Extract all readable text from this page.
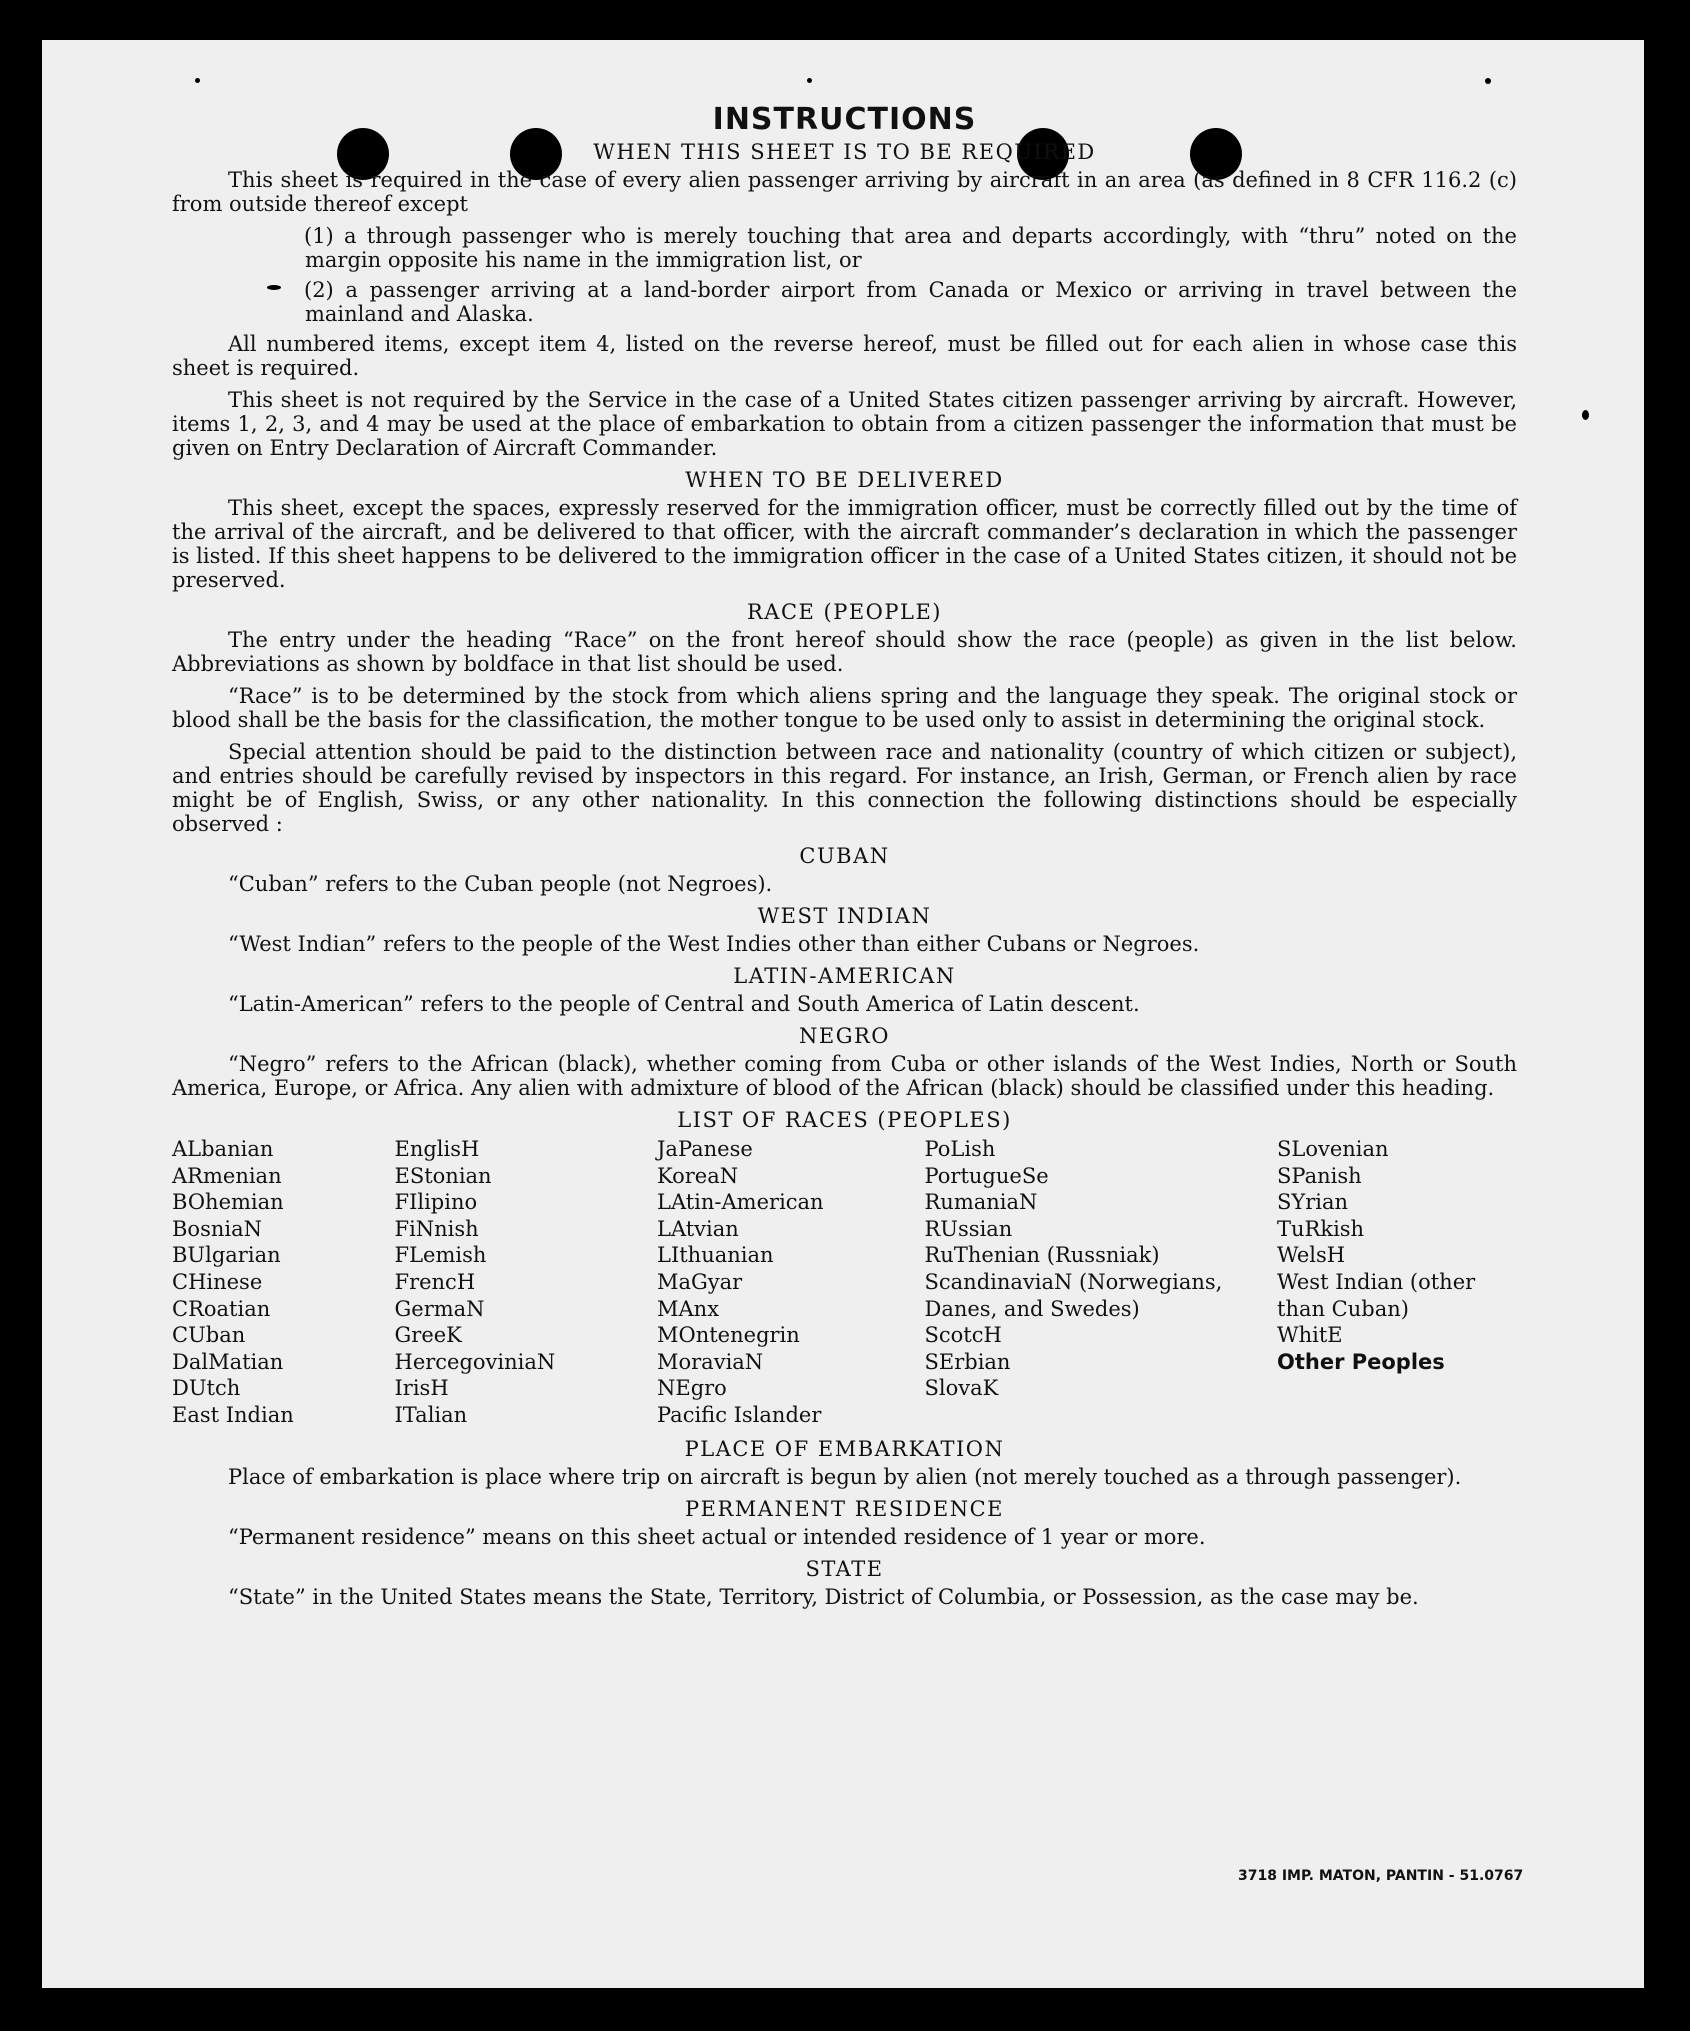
INSTRUCTIONS
WHEN THIS SHEET IS TO BE REQUIRED

This sheet is required in the case of every alien passenger arriving by aircraft in an area (as defined in 8 CFR 116.2 (c) from outside thereof except

(1) a through passenger who is merely touching that area and departs accordingly, with “thru” noted on the margin opposite his name in the immigration list, or

(2) a passenger arriving at a land-border airport from Canada or Mexico or arriving in travel between the mainland and Alaska.

All numbered items, except item 4, listed on the reverse hereof, must be filled out for each alien in whose case this sheet is required.

This sheet is not required by the Service in the case of a United States citizen passenger arriving by aircraft. However, items 1, 2, 3, and 4 may be used at the place of embarkation to obtain from a citizen passenger the information that must be given on Entry Declaration of Aircraft Commander.

WHEN TO BE DELIVERED

This sheet, except the spaces, expressly reserved for the immigration officer, must be correctly filled out by the time of the arrival of the aircraft, and be delivered to that officer, with the aircraft commander’s declaration in which the passenger is listed. If this sheet happens to be delivered to the immigration officer in the case of a United States citizen, it should not be preserved.

RACE (PEOPLE)

The entry under the heading “Race” on the front hereof should show the race (people) as given in the list below. Abbreviations as shown by boldface in that list should be used.

“Race” is to be determined by the stock from which aliens spring and the language they speak. The original stock or blood shall be the basis for the classification, the mother tongue to be used only to assist in determining the original stock.

Special attention should be paid to the distinction between race and nationality (country of which citizen or subject), and entries should be carefully revised by inspectors in this regard. For instance, an Irish, German, or French alien by race might be of English, Swiss, or any other nationality. In this connection the following distinctions should be especially observed :

CUBAN

“Cuban” refers to the Cuban people (not Negroes).

WEST INDIAN

“West Indian” refers to the people of the West Indies other than either Cubans or Negroes.

LATIN-AMERICAN

“Latin-American” refers to the people of Central and South America of Latin descent.

NEGRO

“Negro” refers to the African (black), whether coming from Cuba or other islands of the West Indies, North or South America, Europe, or Africa. Any alien with admixture of blood of the African (black) should be classified under this heading.

LIST OF RACES (PEOPLES)
ALbanian
ARmenian
BOhemian
BosniaN
BUlgarian
CHinese
CRoatian
CUban
DalMatian
DUtch
East Indian
EnglisH
EStonian
FIlipino
FiNnish
FLemish
FrencH
GermaN
GreeK
HercegoviniaN
IrisH
ITalian
JaPanese
KoreaN
LAtin-American
LAtvian
LIthuanian
MaGyar
MAnx
MOntenegrin
MoraviaN
NEgro
Pacific Islander
PoLish
PortugueSe
RumaniaN
RUssian
RuThenian (Russniak)
ScandinaviaN (Norwegians, Danes, and Swedes)
ScotcH
SErbian
SlovaK
SLovenian
SPanish
SYrian
TuRkish
WelsH
West Indian (other than Cuban)
WhitE
Other Peoples
PLACE OF EMBARKATION

Place of embarkation is place where trip on aircraft is begun by alien (not merely touched as a through passenger).

PERMANENT RESIDENCE

“Permanent residence” means on this sheet actual or intended residence of 1 year or more.

STATE

“State” in the United States means the State, Territory, District of Columbia, or Possession, as the case may be.

3718 IMP. MATON, PANTIN - 51.0767
